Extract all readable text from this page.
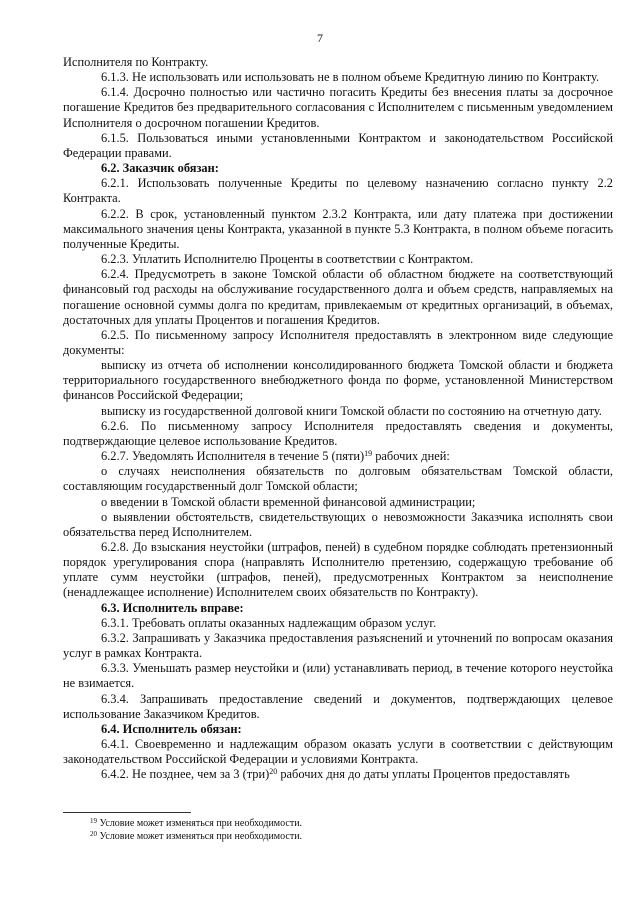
7

Исполнителя по Контракту.

6.1.3. Не использовать или использовать не в полном объеме Кредитную линию по Контракту.

6.1.4. Досрочно полностью или частично погасить Кредиты без внесения платы за досрочное погашение Кредитов без предварительного согласования с Исполнителем с письменным уведомлением Исполнителя о досрочном погашении Кредитов.

6.1.5. Пользоваться иными установленными Контрактом и законодательством Российской Федерации правами.

6.2. Заказчик обязан:

6.2.1. Использовать полученные Кредиты по целевому назначению согласно пункту 2.2 Контракта.

6.2.2. В срок, установленный пунктом 2.3.2 Контракта, или дату платежа при достижении максимального значения цены Контракта, указанной в пункте 5.3 Контракта, в полном объеме погасить полученные Кредиты.

6.2.3. Уплатить Исполнителю Проценты в соответствии с Контрактом.

6.2.4. Предусмотреть в законе Томской области об областном бюджете на соответствующий финансовый год расходы на обслуживание государственного долга и объем средств, направляемых на погашение основной суммы долга по кредитам, привлекаемым от кредитных организаций, в объемах, достаточных для уплаты Процентов и погашения Кредитов.

6.2.5. По письменному запросу Исполнителя предоставлять в электронном виде следующие документы:

выписку из отчета об исполнении консолидированного бюджета Томской области и бюджета территориального государственного внебюджетного фонда по форме, установленной Министерством финансов Российской Федерации;

выписку из государственной долговой книги Томской области по состоянию на отчетную дату.

6.2.6. По письменному запросу Исполнителя предоставлять сведения и документы, подтверждающие целевое использование Кредитов.

6.2.7. Уведомлять Исполнителя в течение 5 (пяти)$^{19}$ рабочих дней:

о случаях неисполнения обязательств по долговым обязательствам Томской области, составляющим государственный долг Томской области;

о введении в Томской области временной финансовой администрации;

о выявлении обстоятельств, свидетельствующих о невозможности Заказчика исполнять свои обязательства перед Исполнителем.

6.2.8. До взыскания неустойки (штрафов, пеней) в судебном порядке соблюдать претензионный порядок урегулирования спора (направлять Исполнителю претензию, содержащую требование об уплате сумм неустойки (штрафов, пеней), предусмотренных Контрактом за неисполнение (ненадлежащее исполнение) Исполнителем своих обязательств по Контракту).

6.3. Исполнитель вправе:

6.3.1. Требовать оплаты оказанных надлежащим образом услуг.

6.3.2. Запрашивать у Заказчика предоставления разъяснений и уточнений по вопросам оказания услуг в рамках Контракта.

6.3.3. Уменьшать размер неустойки и (или) устанавливать период, в течение которого неустойка не взимается.

6.3.4. Запрашивать предоставление сведений и документов, подтверждающих целевое использование Заказчиком Кредитов.

6.4. Исполнитель обязан:

6.4.1. Своевременно и надлежащим образом оказать услуги в соответствии с действующим законодательством Российской Федерации и условиями Контракта.

6.4.2. Не позднее, чем за 3 (три)$^{20}$ рабочих дня до даты уплаты Процентов предоставлять

$^{19}$ Условие может изменяться при необходимости.
$^{20}$ Условие может изменяться при необходимости.
